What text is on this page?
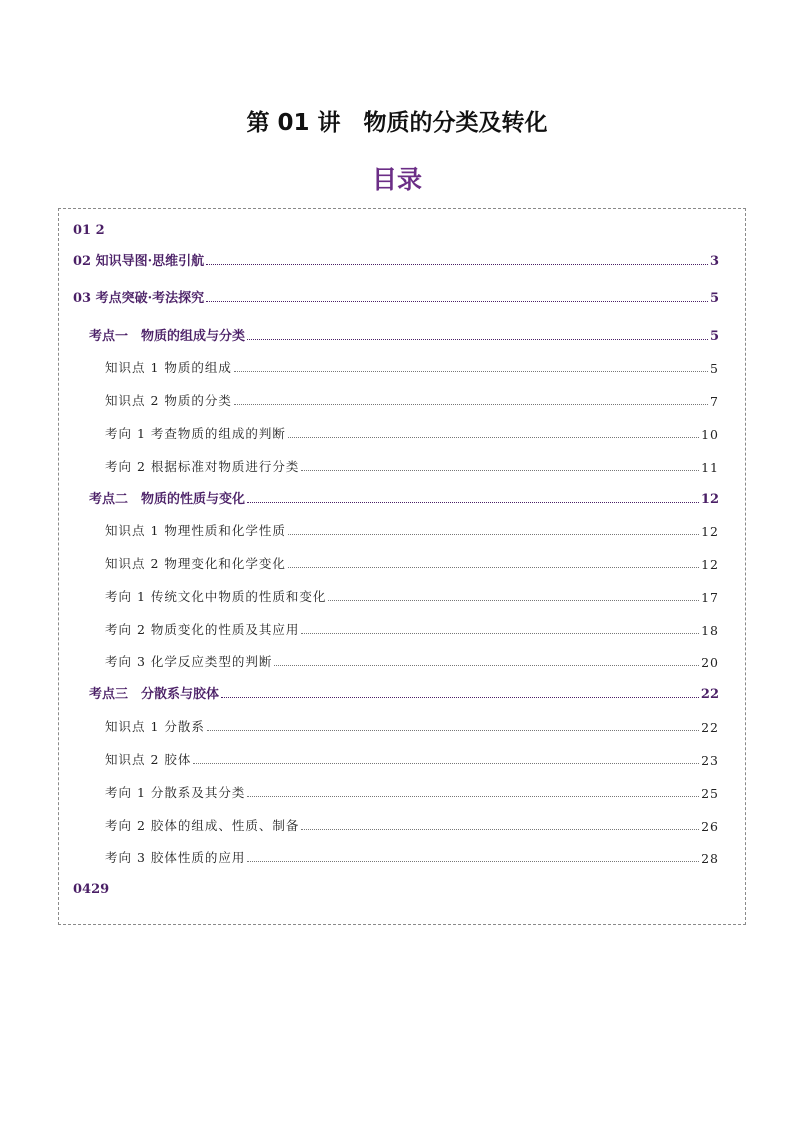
第 01 讲　物质的分类及转化
目录
01 2
02 知识导图·思维引航	3
03 考点突破·考法探究	5
考点一　物质的组成与分类	5
知识点 1 物质的组成	5
知识点 2 物质的分类	7
考向 1 考查物质的组成的判断	10
考向 2 根据标准对物质进行分类	11
考点二　物质的性质与变化	12
知识点 1 物理性质和化学性质	12
知识点 2 物理变化和化学变化	12
考向 1 传统文化中物质的性质和变化	17
考向 2 物质变化的性质及其应用	18
考向 3 化学反应类型的判断	20
考点三　分散系与胶体	22
知识点 1 分散系	22
知识点 2 胶体	23
考向 1 分散系及其分类	25
考向 2 胶体的组成、性质、制备	26
考向 3 胶体性质的应用	28
0429
